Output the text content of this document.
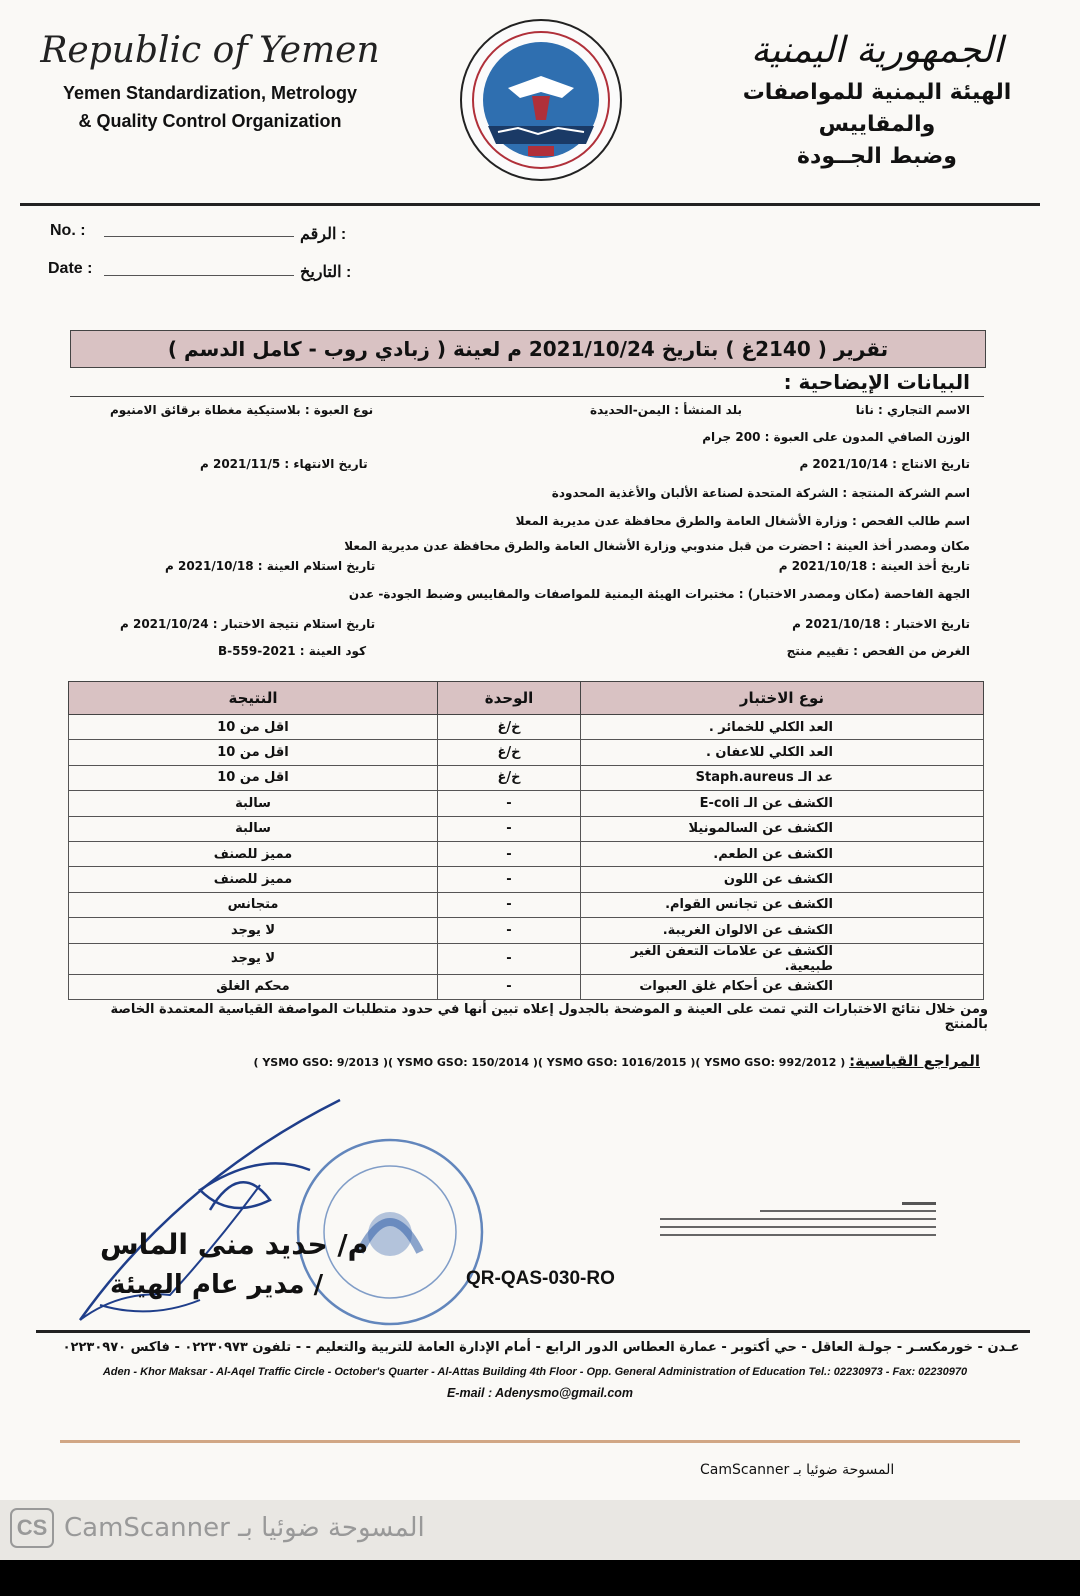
Republic of Yemen
Yemen Standardization, Metrology
& Quality Control Organization
الجمهورية اليمنية
الهيئة اليمنية للمواصفات والمقاييس
وضبط الجــودة
No. :	: الرقم
Date :	: التاريخ
تقرير ( 2140غ ) بتاريخ 2021/10/24 م لعينة ( زبادي روب - كامل الدسم )
البيانات الإيضاحية :
الاسم التجاري : نانا
بلد المنشأ : اليمن-الحديدة
نوع العبوة : بلاستيكية مغطاة برقائق الامنيوم
الوزن الصافي المدون على العبوة : 200 جرام
تاريخ الانتاج : 2021/10/14 م
تاريخ الانتهاء : 2021/11/5 م
اسم الشركة المنتجة : الشركة المتحدة لصناعة الألبان والأغذية المحدودة
اسم طالب الفحص : وزارة الأشغال العامة والطرق محافظة عدن مديرية المعلا
مكان ومصدر أخذ العينة : احضرت من قبل مندوبي وزارة الأشغال العامة والطرق محافظة عدن مديرية المعلا
تاريخ أخذ العينة : 2021/10/18 م
تاريخ استلام العينة : 2021/10/18 م
الجهة الفاحصة (مكان ومصدر الاختبار) : مختبرات الهيئة اليمنية للمواصفات والمقاييس وضبط الجودة- عدن
تاريخ الاختبار : 2021/10/18 م
تاريخ استلام نتيجة الاختبار : 2021/10/24 م
الغرض من الفحص : تقييم منتج
كود العينة : 2021-559-B
نوع الاختبار	الوحدة	النتيجة
العد الكلي للخمائر .	خ/غ	اقل من 10
العد الكلي للاعفان .	خ/غ	اقل من 10
عد الـ Staph.aureus	خ/غ	اقل من 10
الكشف عن الـ E-coli	-	سالبة
الكشف عن السالمونيلا	-	سالبة
الكشف عن الطعم.	-	مميز للصنف
الكشف عن اللون	-	مميز للصنف
الكشف عن تجانس القوام.	-	متجانس
الكشف عن الالوان الغريبة.	-	لا يوجد
الكشف عن علامات التعفن الغير طبيعية.	-	لا يوجد
الكشف عن أحكام غلق العبوات	-	محكم الغلق
ومن خلال نتائج الاختبارات التي تمت على العينة و الموضحة بالجدول إعلاه تبين أنها في حدود متطلبات المواصفة القياسية المعتمدة الخاصة بالمنتج
المراجع القياسية: ( YSMO GSO: 992/2012 )( YSMO GSO: 1016/2015 )( YSMO GSO: 150/2014 )( YSMO GSO: 9/2013 )
م/ حديد منى الماس
/ مدير عام الهيئة	QR-QAS-030-RO
عـدن - خورمكسـر - جولـة العاقل - حي أكتوبر - عمارة العطاس الدور الرابع - أمام الإدارة العامة للتربية والتعليم - - تلفون ٠٢٢٣٠٩٧٣ - فاكس ٠٢٢٣٠٩٧٠
Aden - Khor Maksar - Al-Aqel Traffic Circle - October's Quarter - Al-Attas Building 4th Floor - Opp. General Administration of Education Tel.: 02230973 - Fax: 02230970
E-mail : Adenysmo@gmail.com
المسوحة ضوئيا بـ CamScanner
CS CamScanner المسوحة ضوئيا بـ
